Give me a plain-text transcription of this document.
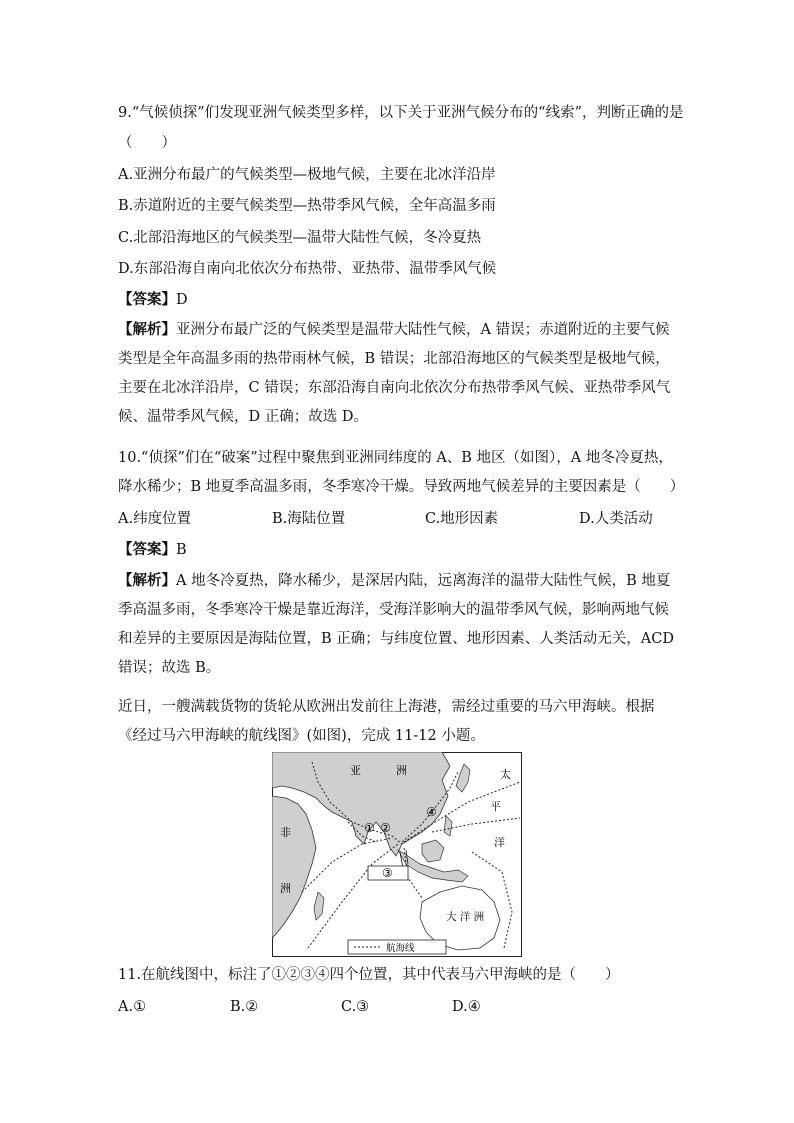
9.“气候侦探”们发现亚洲气候类型多样，以下关于亚洲气候分布的“线索”，判断正确的是
（　　）
A.亚洲分布最广的气候类型—极地气候，主要在北冰洋沿岸
B.赤道附近的主要气候类型—热带季风气候，全年高温多雨
C.北部沿海地区的气候类型—温带大陆性气候，冬冷夏热
D.东部沿海自南向北依次分布热带、亚热带、温带季风气候
【答案】D
【解析】亚洲分布最广泛的气候类型是温带大陆性气候，A 错误；赤道附近的主要气候类型是全年高温多雨的热带雨林气候，B 错误；北部沿海地区的气候类型是极地气候，主要在北冰洋沿岸，C 错误；东部沿海自南向北依次分布热带季风气候、亚热带季风气候、温带季风气候，D 正确；故选 D。
10.“侦探”们在“破案”过程中聚焦到亚洲同纬度的 A、B 地区（如图），A 地冬冷夏热，降水稀少；B 地夏季高温多雨，冬季寒冷干燥。导致两地气候差异的主要因素是（　　）
A.纬度位置	B.海陆位置	C.地形因素	D.人类活动
【答案】B
【解析】A 地冬冷夏热，降水稀少，是深居内陆，远离海洋的温带大陆性气候，B 地夏季高温多雨，冬季寒冷干燥是靠近海洋，受海洋影响大的温带季风气候，影响两地气候和差异的主要原因是海陆位置，B 正确；与纬度位置、地形因素、人类活动无关，ACD 错误；故选 B。
近日，一艘满载货物的货轮从欧洲出发前往上海港，需经过重要的马六甲海峡。根据《经过马六甲海峡的航线图》(如图)，完成 11-12 小题。
亚	洲	太
平
洋
非
洲
大 洋 洲
① ②
④
③
航海线
11.在航线图中，标注了①②③④四个位置，其中代表马六甲海峡的是（　　）
A.①	B.②	C.③	D.④
